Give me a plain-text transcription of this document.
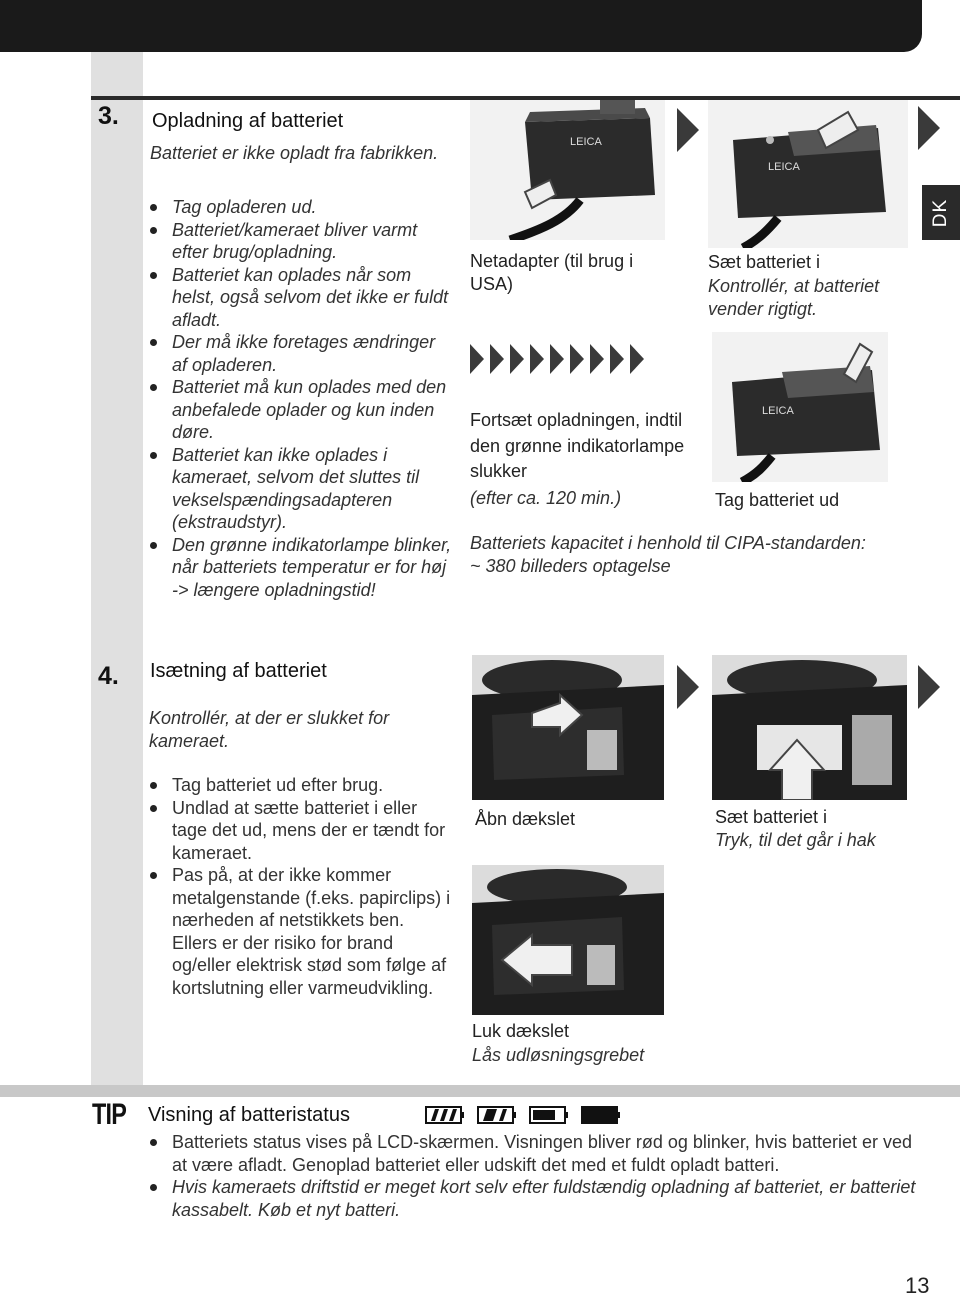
DK
3. Opladning af batteriet
Batteriet er ikke opladt fra fabrikken.
Tag opladeren ud.
Batteriet/kameraet bliver varmt efter brug/opladning.
Batteriet kan oplades når som helst, også selvom det ikke er fuldt afladt.
Der må ikke foretages ændringer af opladeren.
Batteriet må kun oplades med den anbefalede oplader og kun inden døre.
Batteriet kan ikke oplades i kameraet, selvom det sluttes til vekselspændingsadapteren (ekstraudstyr).
Den grønne indikatorlampe blinker, når batteriets temperatur er for høj -> længere opladningstid!
LEICA
Netadapter (til brug i USA)
LEICA
Sæt batteriet i
Kontrollér, at batteriet vender rigtigt.
Fortsæt opladningen, indtil den grønne indikatorlampe slukker
(efter ca. 120 min.)
LEICA
Tag batteriet ud
Batteriets kapacitet i henhold til CIPA-standarden:
~ 380 billeders optagelse
4. Isætning af batteriet
Kontrollér, at der er slukket for kameraet.
Tag batteriet ud efter brug.
Undlad at sætte batteriet i eller tage det ud, mens der er tændt for kameraet.
Pas på, at der ikke kommer metalgenstande (f.eks. papirclips) i nærheden af netstikkets ben. Ellers er der risiko for brand og/eller elektrisk stød som følge af kortslutning eller varmeudvikling.
Åbn dækslet	Sæt batteriet i
Tryk, til det går i hak
Luk dækslet
Lås udløsningsgrebet
TIP Visning af batteristatus
Batteriets status vises på LCD-skærmen. Visningen bliver rød og blinker, hvis batteriet er ved at være afladt. Genoplad batteriet eller udskift det med et fuldt opladt batteri.
Hvis kameraets driftstid er meget kort selv efter fuldstændig opladning af batteriet, er batteriet kassabelt. Køb et nyt batteri.
13
